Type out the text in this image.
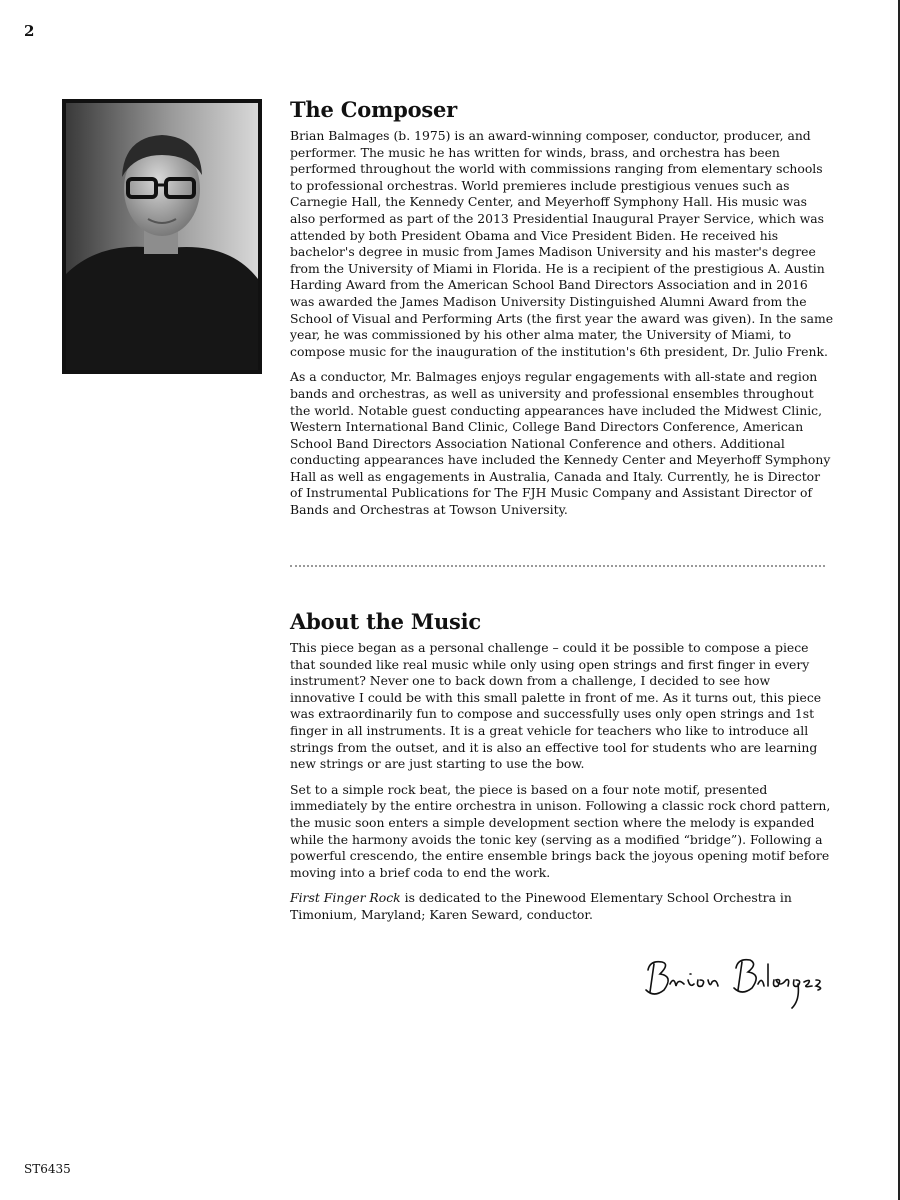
2
The Composer

Brian Balmages (b. 1975) is an award-winning composer, conductor, producer, and performer. The music he has written for winds, brass, and orchestra has been performed throughout the world with commissions ranging from elementary schools to professional orchestras. World premieres include prestigious venues such as Carnegie Hall, the Kennedy Center, and Meyerhoff Symphony Hall. His music was also performed as part of the 2013 Presidential Inaugural Prayer Service, which was attended by both President Obama and Vice President Biden. He received his bachelor's degree in music from James Madison University and his master's degree from the University of Miami in Florida. He is a recipient of the prestigious A. Austin Harding Award from the American School Band Directors Association and in 2016 was awarded the James Madison University Distinguished Alumni Award from the School of Visual and Performing Arts (the first year the award was given). In the same year, he was commissioned by his other alma mater, the University of Miami, to compose music for the inauguration of the institution's 6th president, Dr. Julio Frenk.

As a conductor, Mr. Balmages enjoys regular engagements with all-state and region bands and orchestras, as well as university and professional ensembles throughout the world. Notable guest conducting appearances have included the Midwest Clinic, Western International Band Clinic, College Band Directors Conference, American School Band Directors Association National Conference and others. Additional conducting appearances have included the Kennedy Center and Meyerhoff Symphony Hall as well as engagements in Australia, Canada and Italy. Currently, he is Director of Instrumental Publications for The FJH Music Company and Assistant Director of Bands and Orchestras at Towson University.

About the Music

This piece began as a personal challenge – could it be possible to compose a piece that sounded like real music while only using open strings and first finger in every instrument? Never one to back down from a challenge, I decided to see how innovative I could be with this small palette in front of me. As it turns out, this piece was extraordinarily fun to compose and successfully uses only open strings and 1st finger in all instruments. It is a great vehicle for teachers who like to introduce all strings from the outset, and it is also an effective tool for students who are learning new strings or are just starting to use the bow.

Set to a simple rock beat, the piece is based on a four note motif, presented immediately by the entire orchestra in unison. Following a classic rock chord pattern, the music soon enters a simple development section where the melody is expanded while the harmony avoids the tonic key (serving as a modified “bridge”). Following a powerful crescendo, the entire ensemble brings back the joyous opening motif before moving into a brief coda to end the work.

First Finger Rock is dedicated to the Pinewood Elementary School Orchestra in Timonium, Maryland; Karen Seward, conductor.

ST6435
